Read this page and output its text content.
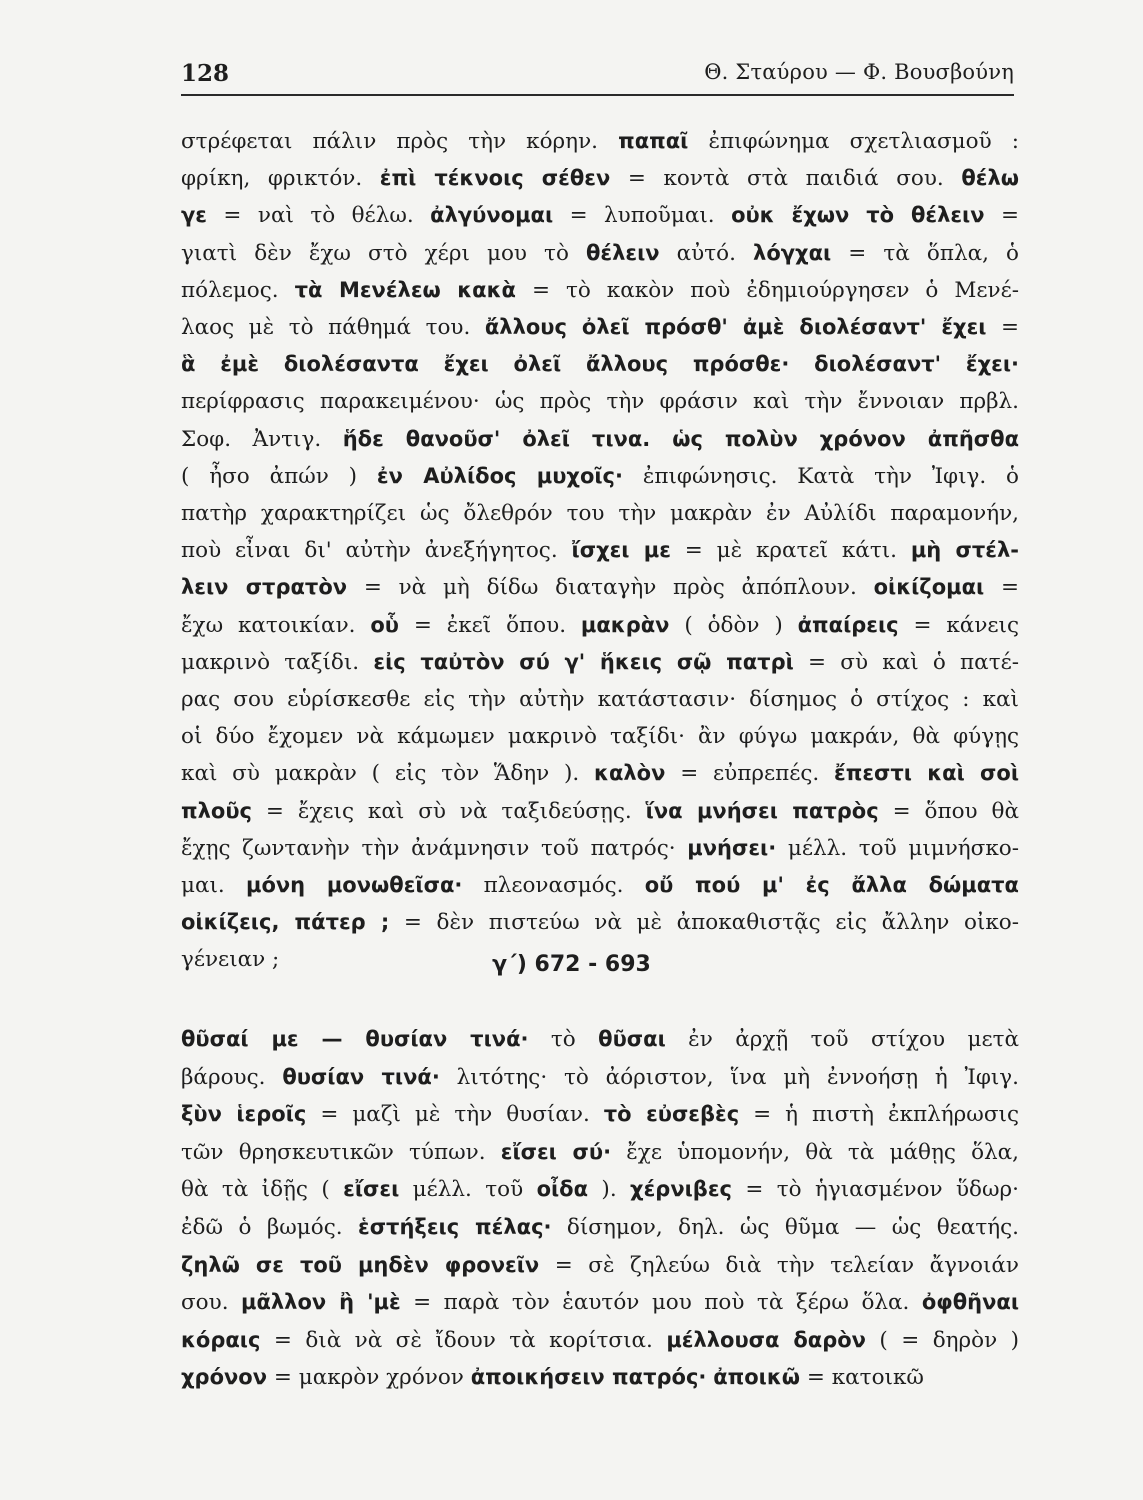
128	Θ. Σταύρου — Φ. Βουσβούνη
στρέφεται πάλιν πρὸς τὴν κόρην. παπαῖ ἐπιφώνημα σχετλιασμοῦ :
φρίκη, φρικτόν. ἐπὶ τέκνοις σέθεν = κοντὰ στὰ παιδιά σου. θέλω
γε = ναὶ τὸ θέλω. ἀλγύνομαι = λυποῦμαι. οὐκ ἔχων τὸ θέλειν =
γιατὶ δὲν ἔχω στὸ χέρι μου τὸ θέλειν αὐτό. λόγχαι = τὰ ὅπλα, ὁ
πόλεμος. τὰ Μενέλεω κακὰ = τὸ κακὸν ποὺ ἐδημιούργησεν ὁ Μενέ-
λαος μὲ τὸ πάθημά του. ἄλλους ὀλεῖ πρόσθ' ἀμὲ διολέσαντ' ἔχει =
ἃ ἐμὲ διολέσαντα ἔχει ὀλεῖ ἄλλους πρόσθε· διολέσαντ' ἔχει·
περίφρασις παρακειμένου· ὡς πρὸς τὴν φράσιν καὶ τὴν ἔννοιαν πρβλ.
Σοφ. Ἀντιγ. ἥδε θανοῦσ' ὀλεῖ τινα. ὡς πολὺν χρόνον ἀπῆσθα
( ἦσο ἀπών ) ἐν Αὐλίδος μυχοῖς· ἐπιφώνησις. Κατὰ τὴν Ἰφιγ. ὁ
πατὴρ χαρακτηρίζει ὡς ὄλεθρόν του τὴν μακρὰν ἐν Αὐλίδι παραμονήν,
ποὺ εἶναι δι' αὐτὴν ἀνεξήγητος. ἴσχει με = μὲ κρατεῖ κάτι. μὴ στέλ-
λειν στρατὸν = νὰ μὴ δίδω διαταγὴν πρὸς ἀπόπλουν. οἰκίζομαι =
ἔχω κατοικίαν. οὗ = ἐκεῖ ὅπου. μακρὰν ( ὁδὸν ) ἀπαίρεις = κάνεις
μακρινὸ ταξίδι. εἰς ταὐτὸν σύ γ' ἥκεις σῷ πατρὶ = σὺ καὶ ὁ πατέ-
ρας σου εὑρίσκεσθε εἰς τὴν αὐτὴν κατάστασιν· δίσημος ὁ στίχος : καὶ
οἱ δύο ἔχομεν νὰ κάμωμεν μακρινὸ ταξίδι· ἂν φύγω μακράν, θὰ φύγῃς
καὶ σὺ μακρὰν ( εἰς τὸν Ἅδην ). καλὸν = εὐπρεπές. ἔπεστι καὶ σοὶ
πλοῦς = ἔχεις καὶ σὺ νὰ ταξιδεύσῃς. ἵνα μνήσει πατρὸς = ὅπου θὰ
ἔχῃς ζωντανὴν τὴν ἀνάμνησιν τοῦ πατρός· μνήσει· μέλλ. τοῦ μιμνήσκο-
μαι. μόνη μονωθεῖσα· πλεονασμός. οὔ πού μ' ἐς ἄλλα δώματα
οἰκίζεις, πάτερ ; = δὲν πιστεύω νὰ μὲ ἀποκαθιστᾷς εἰς ἄλλην οἰκο-
γένειαν ;	γ΄) 672 - 693
θῦσαί με — θυσίαν τινά· τὸ θῦσαι ἐν ἀρχῇ τοῦ στίχου μετὰ
βάρους. θυσίαν τινά· λιτότης· τὸ ἀόριστον, ἵνα μὴ ἐννοήσῃ ἡ Ἰφιγ.
ξὺν ἱεροῖς = μαζὶ μὲ τὴν θυσίαν. τὸ εὐσεβὲς = ἡ πιστὴ ἐκπλήρωσις
τῶν θρησκευτικῶν τύπων. εἴσει σύ· ἔχε ὑπομονήν, θὰ τὰ μάθῃς ὅλα,
θὰ τὰ ἰδῇς ( εἴσει μέλλ. τοῦ οἶδα ). χέρνιβες = τὸ ἡγιασμένον ὕδωρ·
ἐδῶ ὁ βωμός. ἑστήξεις πέλας· δίσημον, δηλ. ὡς θῦμα — ὡς θεατής.
ζηλῶ σε τοῦ μηδὲν φρονεῖν = σὲ ζηλεύω διὰ τὴν τελείαν ἄγνοιάν
σου. μᾶλλον ἢ 'μὲ = παρὰ τὸν ἑαυτόν μου ποὺ τὰ ξέρω ὅλα. ὀφθῆναι
κόραις = διὰ νὰ σὲ ἴδουν τὰ κορίτσια. μέλλουσα δαρὸν ( = δηρὸν )
χρόνον = μακρὸν χρόνον ἀποικήσειν πατρός· ἀποικῶ = κατοικῶ
